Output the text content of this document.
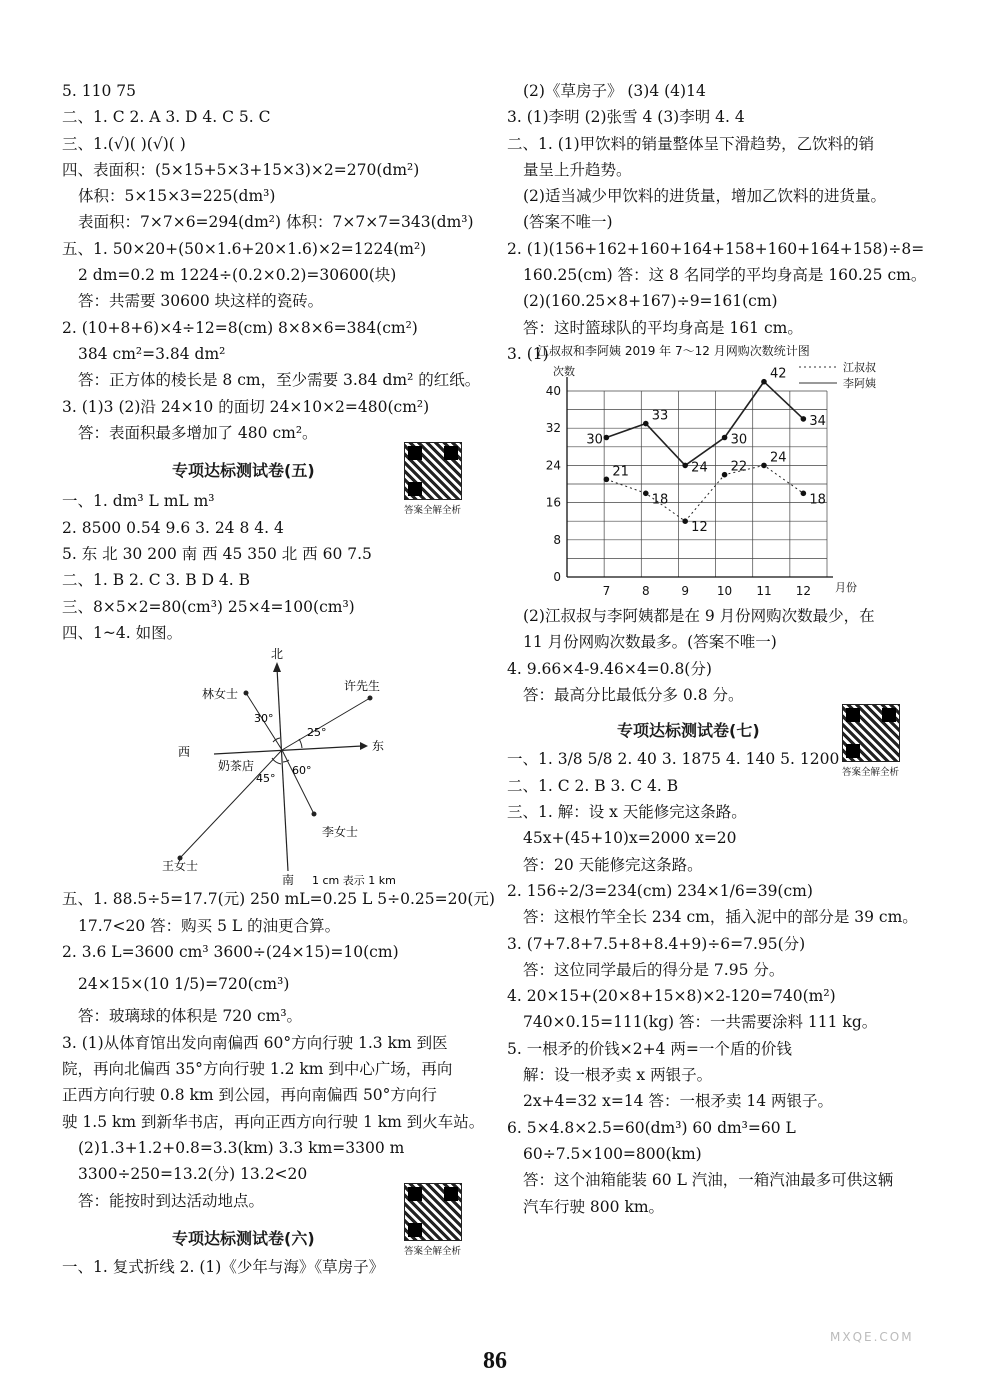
5. 110 75
二、1. C 2. A 3. D 4. C 5. C
三、1.(√)( )(√)( )
四、表面积：(5×15+5×3+15×3)×2=270(dm²)
体积：5×15×3=225(dm³)
表面积：7×7×6=294(dm²) 体积：7×7×7=343(dm³)
五、1. 50×20+(50×1.6+20×1.6)×2=1224(m²)
2 dm=0.2 m 1224÷(0.2×0.2)=30600(块)
答：共需要 30600 块这样的瓷砖。
2. (10+8+6)×4÷12=8(cm) 8×8×6=384(cm²)
384 cm²=3.84 dm²
答：正方体的棱长是 8 cm，至少需要 3.84 dm² 的红纸。
3. (1)3 (2)沿 24×10 的面切 24×10×2=480(cm²)
答：表面积最多增加了 480 cm²。
专项达标测试卷(五)
一、1. dm³ L mL m³
2. 8500 0.54 9.6 3. 24 8 4. 4
5. 东 北 30 200 南 西 45 350 北 西 60 7.5
二、1. B 2. C 3. B D 4. B
三、8×5×2=80(cm³) 25×4=100(cm³)
四、1~4. 如图。
北
南
东
西
林女士
许先生
奶茶店
李女士
王女士
30°
25°
60°
45°
1 cm 表示 1 km
五、1. 88.5÷5=17.7(元) 250 mL=0.25 L 5÷0.25=20(元)
17.7<20 答：购买 5 L 的油更合算。
2. 3.6 L=3600 cm³ 3600÷(24×15)=10(cm)
24×15×(10 1/5)=720(cm³)
答：玻璃球的体积是 720 cm³。
3. (1)从体育馆出发向南偏西 60°方向行驶 1.3 km 到医
院，再向北偏西 35°方向行驶 1.2 km 到中心广场，再向
正西方向行驶 0.8 km 到公园，再向南偏西 50°方向行
驶 1.5 km 到新华书店，再向正西方向行驶 1 km 到火车站。
(2)1.3+1.2+0.8=3.3(km) 3.3 km=3300 m
3300÷250=13.2(分) 13.2<20
答：能按时到达活动地点。
专项达标测试卷(六)
一、1. 复式折线 2. (1)《少年与海》《草房子》
答案全解全析
答案全解全析
答案全解全析
(2)《草房子》 (3)4 (4)14
3. (1)李明 (2)张雪 4 (3)李明 4. 4
二、1. (1)甲饮料的销量整体呈下滑趋势，乙饮料的销
量呈上升趋势。
(2)适当减少甲饮料的进货量，增加乙饮料的进货量。
(答案不唯一)
2. (1)(156+162+160+164+158+160+164+158)÷8=
160.25(cm) 答：这 8 名同学的平均身高是 160.25 cm。
(2)(160.25×8+167)÷9=161(cm)
答：这时篮球队的平均身高是 161 cm。
3. (1)
江叔叔和李阿姨 2019 年 7～12 月网购次数统计图
江叔叔
李阿姨
次数
月份
0
8
16
24
32
40
7	8	9 10 11 12
21
18
12
22
24
18
30
33
24
30
42
34
(2)江叔叔与李阿姨都是在 9 月份网购次数最少，在
11 月份网购次数最多。(答案不唯一)
4. 9.66×4-9.46×4=0.8(分)
答：最高分比最低分多 0.8 分。
专项达标测试卷(七)
一、1. 3/8 5/8 2. 40 3. 1875 4. 140 5. 1200
二、1. C 2. B 3. C 4. B
三、1. 解：设 x 天能修完这条路。
45x+(45+10)x=2000 x=20
答：20 天能修完这条路。
2. 156÷2/3=234(cm) 234×1/6=39(cm)
答：这根竹竿全长 234 cm，插入泥中的部分是 39 cm。
3. (7+7.8+7.5+8+8.4+9)÷6=7.95(分)
答：这位同学最后的得分是 7.95 分。
4. 20×15+(20×8+15×8)×2-120=740(m²)
740×0.15=111(kg) 答：一共需要涂料 111 kg。
5. 一根矛的价钱×2+4 两=一个盾的价钱
解：设一根矛卖 x 两银子。
2x+4=32 x=14 答：一根矛卖 14 两银子。
6. 5×4.8×2.5=60(dm³) 60 dm³=60 L
60÷7.5×100=800(km)
答：这个油箱能装 60 L 汽油，一箱汽油最多可供这辆
汽车行驶 800 km。
86
MXQE.COM
